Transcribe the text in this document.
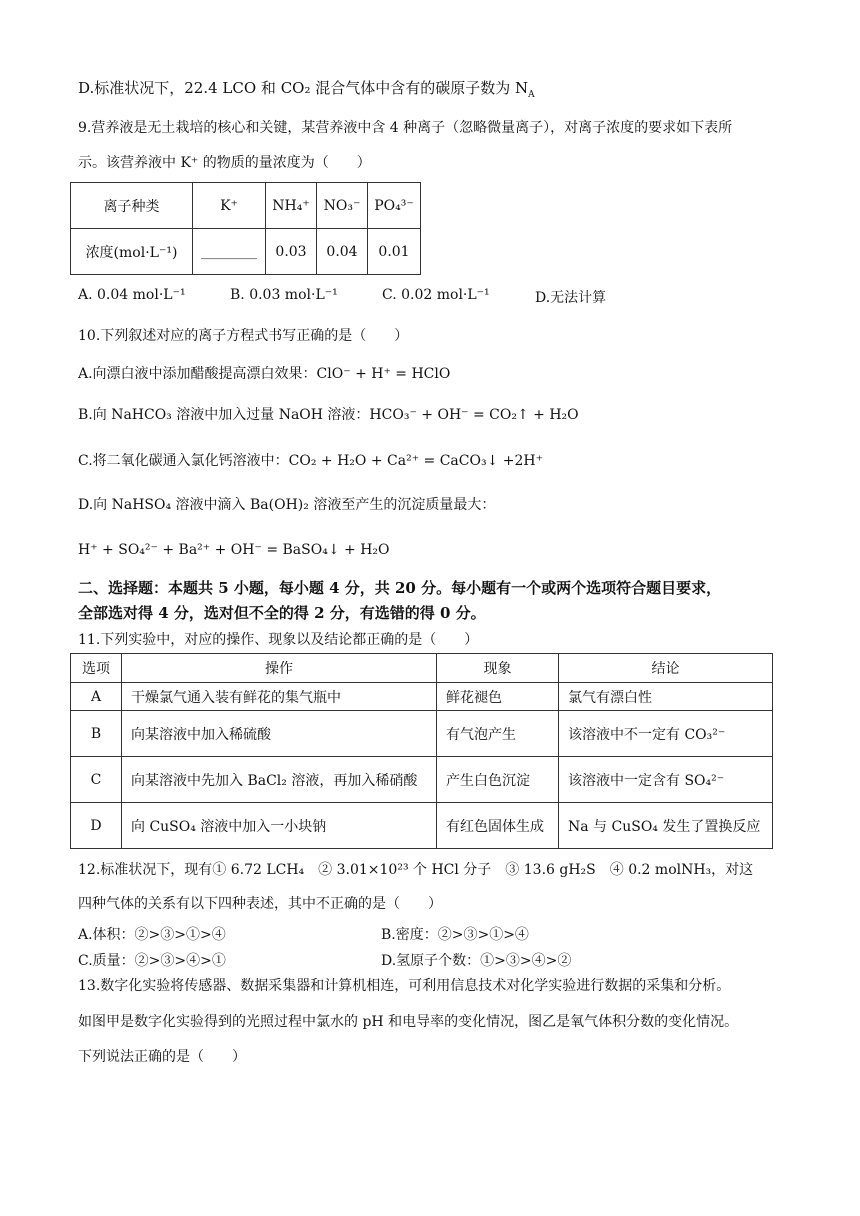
D.标准状况下，22.4 LCO 和 CO₂ 混合气体中含有的碳原子数为 $N_A$
9.营养液是无土栽培的核心和关键，某营养液中含 4 种离子（忽略微量离子），对离子浓度的要求如下表所
示。该营养液中 K⁺ 的物质的量浓度为（　　）
离子种类	K⁺	NH₄⁺	NO₃⁻	PO₄³⁻
浓度(mol·L⁻¹)	________	0.03	0.04	0.01
A. 0.04 mol·L⁻¹	B. 0.03 mol·L⁻¹	C. 0.02 mol·L⁻¹	D.无法计算
10.下列叙述对应的离子方程式书写正确的是（　　）
A.向漂白液中添加醋酸提高漂白效果：ClO⁻ + H⁺ = HClO
B.向 NaHCO₃ 溶液中加入过量 NaOH 溶液：HCO₃⁻ + OH⁻ = CO₂↑ + H₂O
C.将二氧化碳通入氯化钙溶液中：CO₂ + H₂O + Ca²⁺ = CaCO₃↓ +2H⁺
D.向 NaHSO₄ 溶液中滴入 Ba(OH)₂ 溶液至产生的沉淀质量最大：
H⁺ + SO₄²⁻ + Ba²⁺ + OH⁻ = BaSO₄↓ + H₂O
二、选择题：本题共 5 小题，每小题 4 分，共 20 分。每小题有一个或两个选项符合题目要求，
全部选对得 4 分，选对但不全的得 2 分，有选错的得 0 分。
11.下列实验中，对应的操作、现象以及结论都正确的是（　　）
选项	操作	现象	结论
A	干燥氯气通入装有鲜花的集气瓶中	鲜花褪色	氯气有漂白性
B	向某溶液中加入稀硫酸	有气泡产生	该溶液中不一定有 CO₃²⁻
C	向某溶液中先加入 BaCl₂ 溶液，再加入稀硝酸	产生白色沉淀	该溶液中一定含有 SO₄²⁻
D	向 CuSO₄ 溶液中加入一小块钠	有红色固体生成	Na 与 CuSO₄ 发生了置换反应
12.标准状况下，现有① 6.72 LCH₄　② 3.01×10²³ 个 HCl 分子　③ 13.6 gH₂S　④ 0.2 molNH₃，对这
四种气体的关系有以下四种表述，其中不正确的是（　　）
A.体积：②>③>①>④	B.密度：②>③>①>④
C.质量：②>③>④>①	D.氢原子个数：①>③>④>②
13.数字化实验将传感器、数据采集器和计算机相连，可利用信息技术对化学实验进行数据的采集和分析。
如图甲是数字化实验得到的光照过程中氯水的 pH 和电导率的变化情况，图乙是氧气体积分数的变化情况。
下列说法正确的是（　　）
